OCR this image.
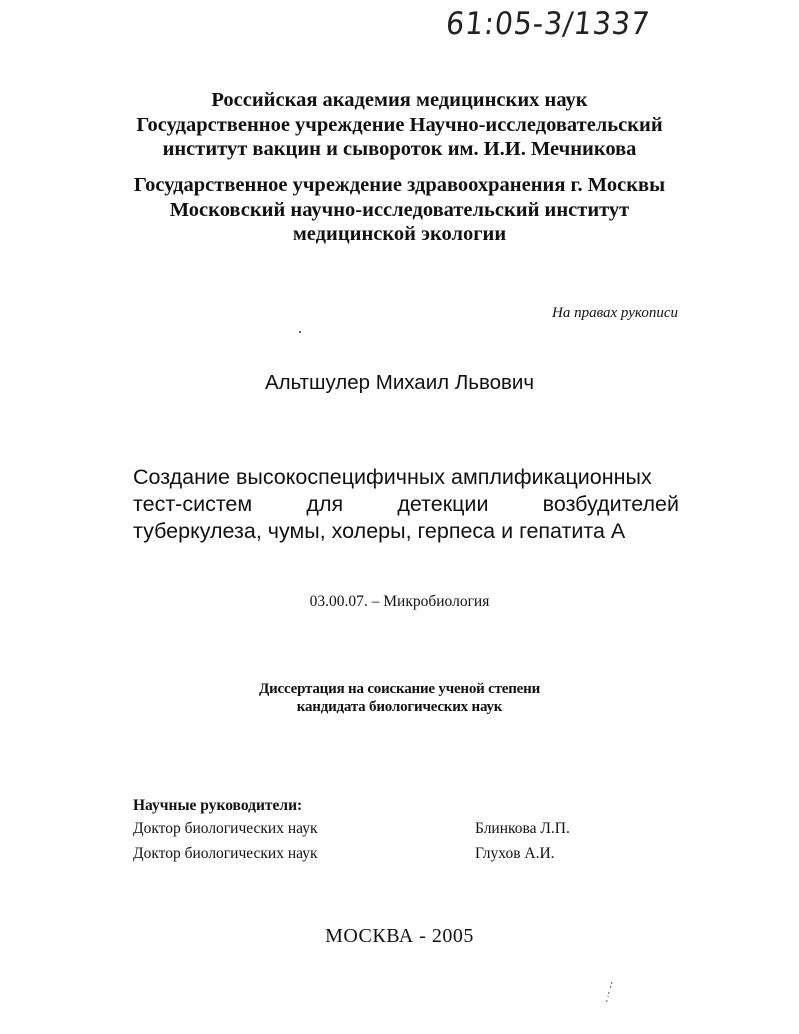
61:05-3/1337
Российская академия медицинских наук
Государственное учреждение Научно-исследовательский
институт вакцин и сывороток им. И.И. Мечникова
Государственное учреждение здравоохранения г. Москвы
Московский научно-исследовательский институт
медицинской экологии
На правах рукописи
Альтшулер Михаил Львович
Создание высокоспецифичных амплификационных
тест-систем	для	детекции	возбудителей
туберкулеза, чумы, холеры, герпеса и гепатита А
03.00.07. – Микробиология
Диссертация на соискание ученой степени
кандидата биологических наук
Научные руководители:
Доктор биологических наук	Блинкова Л.П.
Доктор биологических наук	Глухов А.И.
МОСКВА - 2005
